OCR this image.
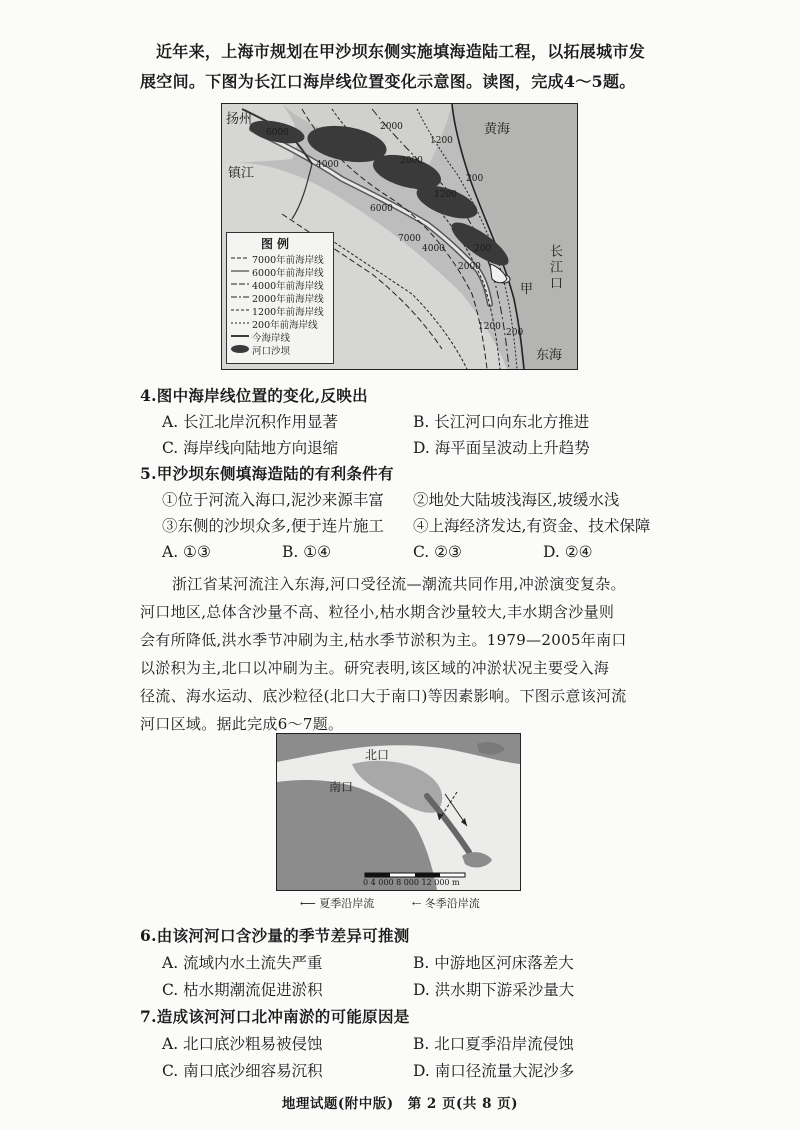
近年来，上海市规划在甲沙坝东侧实施填海造陆工程，以拓展城市发
展空间。下图为长江口海岸线位置变化示意图。读图，完成4～5题。
扬州
镇江
黄海
长江口
甲
东海
6000
4000
2000
1200
2000
1200
200
6000
7000
4000
2000
1200
200
200
图例
7000年前海岸线
6000年前海岸线
4000年前海岸线
2000年前海岸线
1200年前海岸线
200年前海岸线
今海岸线
河口沙坝
4.图中海岸线位置的变化,反映出
A. 长江北岸沉积作用显著	B. 长江河口向东北方推进
C. 海岸线向陆地方向退缩	D. 海平面呈波动上升趋势
5.甲沙坝东侧填海造陆的有利条件有
①位于河流入海口,泥沙来源丰富 ②地处大陆坡浅海区,坡缓水浅
③东侧的沙坝众多,便于连片施工 ④上海经济发达,有资金、技术保障
A. ①③	B. ①④	C. ②③	D. ②④
浙江省某河流注入东海,河口受径流—潮流共同作用,冲淤演变复杂。
河口地区,总体含沙量不高、粒径小,枯水期含沙量较大,丰水期含沙量则
会有所降低,洪水季节冲刷为主,枯水季节淤积为主。1979—2005年南口
以淤积为主,北口以冲刷为主。研究表明,该区域的冲淤状况主要受入海
径流、海水运动、底沙粒径(北口大于南口)等因素影响。下图示意该河流
河口区域。据此完成6～7题。
北口
南口
0 4 000 8 000 12 000 m
⟵ 夏季沿岸流	⇠ 冬季沿岸流
6.由该河河口含沙量的季节差异可推测
A. 流域内水土流失严重	B. 中游地区河床落差大
C. 枯水期潮流促进淤积	D. 洪水期下游采沙量大
7.造成该河河口北冲南淤的可能原因是
A. 北口底沙粗易被侵蚀	B. 北口夏季沿岸流侵蚀
C. 南口底沙细容易沉积	D. 南口径流量大泥沙多
地理试题(附中版)　第 2 页(共 8 页)
